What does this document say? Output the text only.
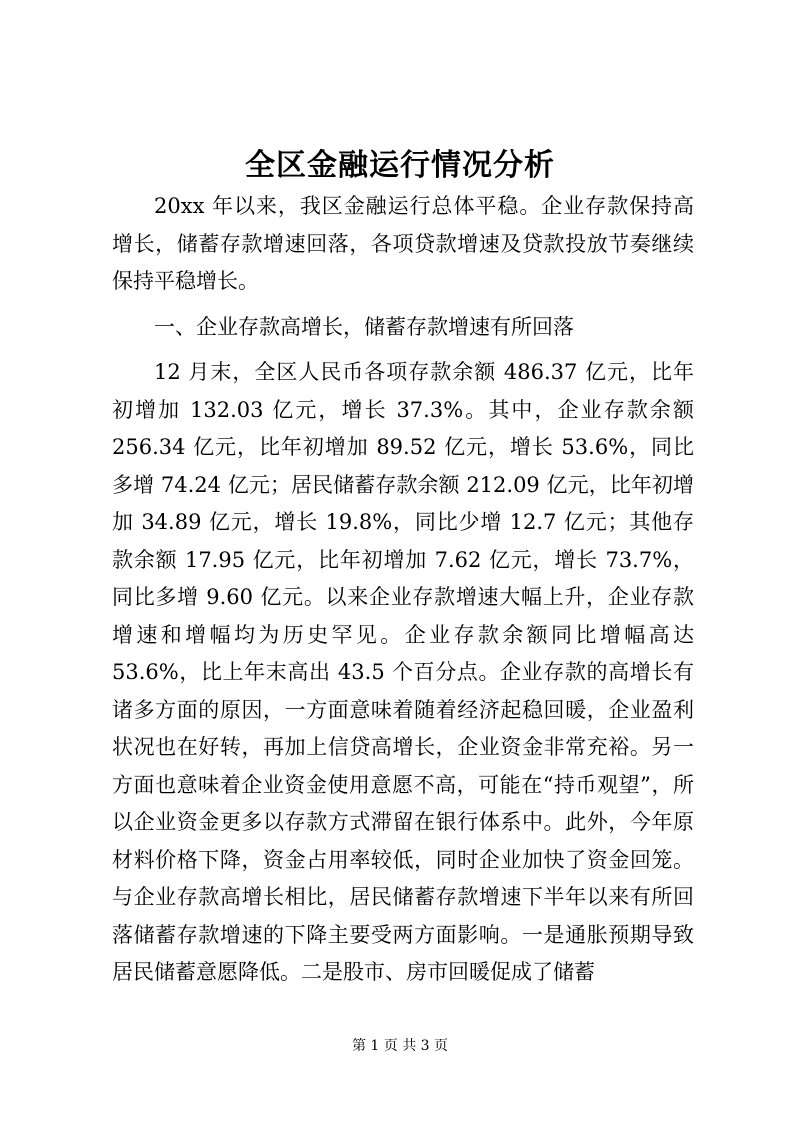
全区金融运行情况分析

20xx 年以来，我区金融运行总体平稳。企业存款保持高增长，储蓄存款增速回落，各项贷款增速及贷款投放节奏继续保持平稳增长。

一、企业存款高增长，储蓄存款增速有所回落

12 月末，全区人民币各项存款余额 486.37 亿元，比年初增加 132.03 亿元，增长 37.3%。其中，企业存款余额 256.34 亿元，比年初增加 89.52 亿元，增长 53.6%，同比多增 74.24 亿元；居民储蓄存款余额 212.09 亿元，比年初增加 34.89 亿元，增长 19.8%，同比少增 12.7 亿元；其他存款余额 17.95 亿元，比年初增加 7.62 亿元，增长 73.7%，同比多增 9.60 亿元。以来企业存款增速大幅上升，企业存款增速和增幅均为历史罕见。企业存款余额同比增幅高达 53.6%，比上年末高出 43.5 个百分点。企业存款的高增长有诸多方面的原因，一方面意味着随着经济起稳回暖，企业盈利状况也在好转，再加上信贷高增长，企业资金非常充裕。另一方面也意味着企业资金使用意愿不高，可能在“持币观望”，所以企业资金更多以存款方式滞留在银行体系中。此外，今年原材料价格下降，资金占用率较低，同时企业加快了资金回笼。与企业存款高增长相比，居民储蓄存款增速下半年以来有所回落储蓄存款增速的下降主要受两方面影响。一是通胀预期导致居民储蓄意愿降低。二是股市、房市回暖促成了储蓄

第 1 页 共 3 页
